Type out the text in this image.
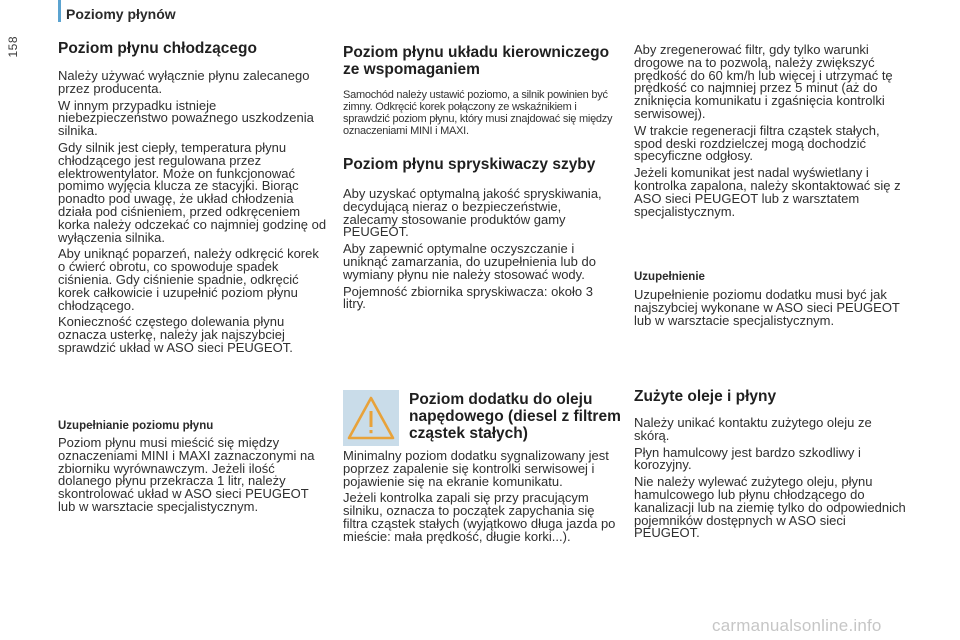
158
Poziomy płynów
Poziom płynu chłodzącego

Należy używać wyłącznie płynu zalecanego przez producenta.

W innym przypadku istnieje niebezpieczeństwo poważnego uszkodzenia silnika.

Gdy silnik jest ciepły, temperatura płynu chłodzącego jest regulowana przez elektrowentylator. Może on funkcjonować pomimo wyjęcia klucza ze stacyjki. Biorąc ponadto pod uwagę, że układ chłodzenia działa pod ciśnieniem, przed odkręceniem korka należy odczekać co najmniej godzinę od wyłączenia silnika.

Aby uniknąć poparzeń, należy odkręcić korek o ćwierć obrotu, co spowoduje spadek ciśnienia. Gdy ciśnienie spadnie, odkręcić korek całkowicie i uzupełnić poziom płynu chłodzącego.

Konieczność częstego dolewania płynu oznacza usterkę, należy jak najszybciej sprawdzić układ w ASO sieci PEUGEOT.

Uzupełnianie poziomu płynu

Poziom płynu musi mieścić się między oznaczeniami MINI i MAXI zaznaczonymi na zbiorniku wyrównawczym. Jeżeli ilość dolanego płynu przekracza 1 litr, należy skontrolować układ w ASO sieci PEUGEOT lub w warsztacie specjalistycznym.

Poziom płynu układu kierowniczego ze wspomaganiem

Samochód należy ustawić poziomo, a silnik powinien być zimny. Odkręcić korek połączony ze wskaźnikiem i sprawdzić poziom płynu, który musi znajdować się między oznaczeniami MINI i MAXI.

Poziom płynu spryskiwaczy szyby

Aby uzyskać optymalną jakość spryskiwania, decydującą nieraz o bezpieczeństwie, zalecamy stosowanie produktów gamy PEUGEOT.

Aby zapewnić optymalne oczyszczanie i uniknąć zamarzania, do uzupełnienia lub do wymiany płynu nie należy stosować wody.

Pojemność zbiornika spryskiwacza: około 3 litry.

Poziom dodatku do oleju napędowego (diesel z filtrem cząstek stałych)

Minimalny poziom dodatku sygnalizowany jest poprzez zapalenie się kontrolki serwisowej i pojawienie się na ekranie komunikatu.

Jeżeli kontrolka zapali się przy pracującym silniku, oznacza to początek zapychania się filtra cząstek stałych (wyjątkowo długa jazda po mieście: mała prędkość, długie korki...).

Aby zregenerować filtr, gdy tylko warunki drogowe na to pozwolą, należy zwiększyć prędkość do 60 km/h lub więcej i utrzymać tę prędkość co najmniej przez 5 minut (aż do zniknięcia komunikatu i zgaśnięcia kontrolki serwisowej).

W trakcie regeneracji filtra cząstek stałych, spod deski rozdzielczej mogą dochodzić specyficzne odgłosy.

Jeżeli komunikat jest nadal wyświetlany i kontrolka zapalona, należy skontaktować się z ASO sieci PEUGEOT lub z warsztatem specjalistycznym.

Uzupełnienie

Uzupełnienie poziomu dodatku musi być jak najszybciej wykonane w ASO sieci PEUGEOT lub w warsztacie specjalistycznym.

Zużyte oleje i płyny

Należy unikać kontaktu zużytego oleju ze skórą.

Płyn hamulcowy jest bardzo szkodliwy i korozyjny.

Nie należy wylewać zużytego oleju, płynu hamulcowego lub płynu chłodzącego do kanalizacji lub na ziemię tylko do odpowiednich pojemników dostępnych w ASO sieci PEUGEOT.

carmanualsonline.info
